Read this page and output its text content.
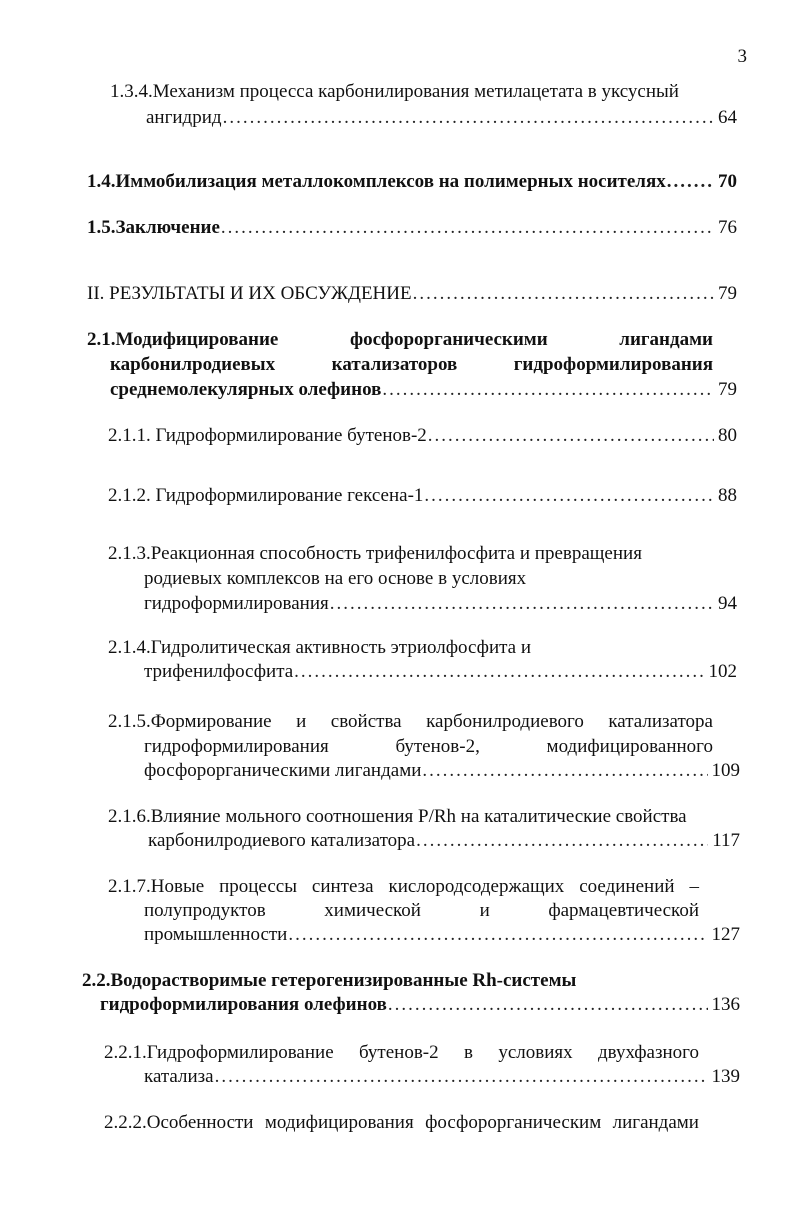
3
1.3.4.Механизм процесса карбонилирования метилацетата в уксусный
ангидрид .....	64
1.4.Иммобилизация металлокомплексов на полимерных носителях .....	70
1.5.Заключение .....	76
II. РЕЗУЛЬТАТЫ И ИХ ОБСУЖДЕНИЕ .....	79
2.1.Модифицирование	фосфорорганическими	лигандами
карбонилродиевых	катализаторов	гидроформилирования
среднемолекулярных олефинов .....	79
2.1.1. Гидроформилирование бутенов-2 .....	80
2.1.2. Гидроформилирование гексена-1 .....	88
2.1.3.Реакционная способность трифенилфосфита и превращения
родиевых комплексов на его основе в условиях
гидроформилирования .....	94
2.1.4.Гидролитическая активность этриолфосфита и
трифенилфосфита .....	102
2.1.5.Формирование и свойства карбонилродиевого катализатора
гидроформилирования	бутенов-2,	модифицированного
фосфорорганическими лигандами .....	109
2.1.6.Влияние мольного соотношения P/Rh на каталитические свойства
карбонилродиевого катализатора .....	117
2.1.7.Новые процессы синтеза кислородсодержащих соединений –
полупродуктов	химической	и	фармацевтической
промышленности .....	127
2.2.Водорастворимые гетерогенизированные Rh-системы
гидроформилирования олефинов .....	136
2.2.1.Гидроформилирование бутенов-2 в условиях двухфазного
катализа .....	139
2.2.2.Особенности модифицирования фосфорорганическим лигандами
